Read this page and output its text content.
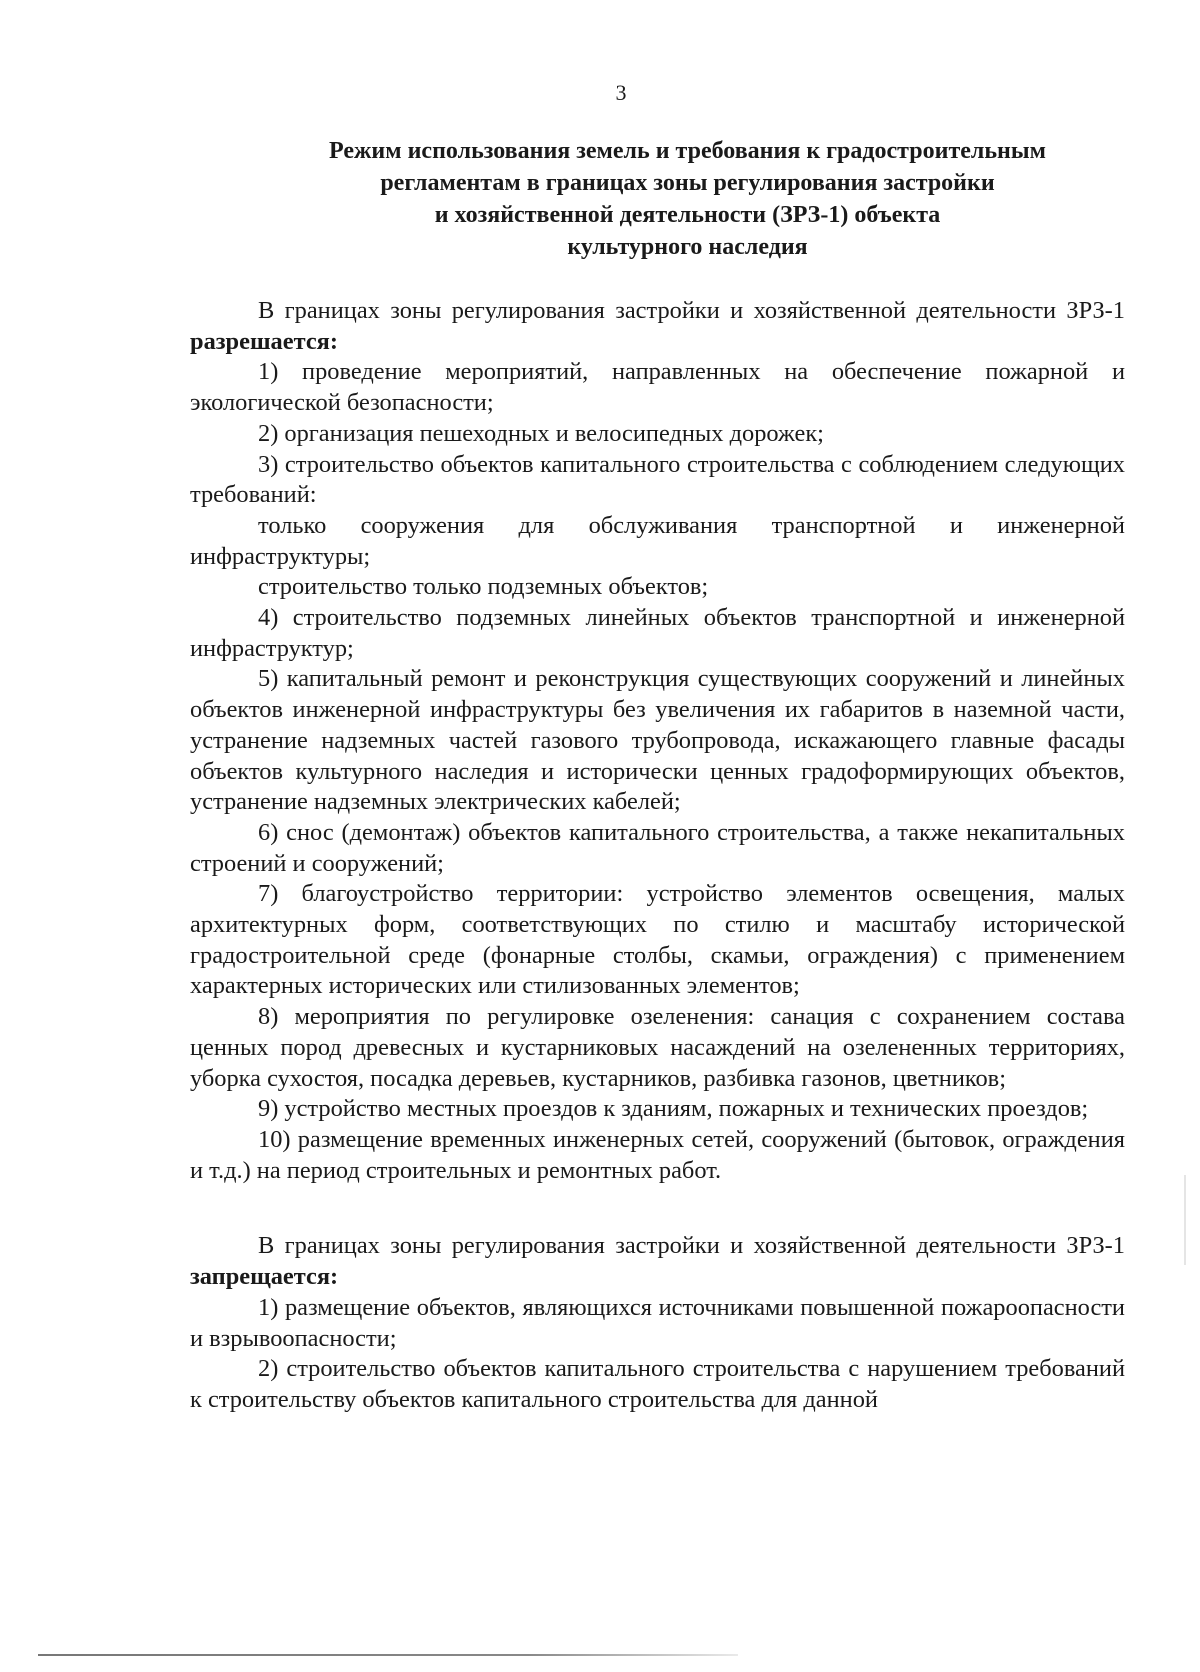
3
Режим использования земель и требования к градостроительным
регламентам в границах зоны регулирования застройки
и хозяйственной деятельности (ЗРЗ-1) объекта
культурного наследия

В границах зоны регулирования застройки и хозяйственной деятельности ЗРЗ-1 разрешается:

1) проведение мероприятий, направленных на обеспечение пожарной и экологической безопасности;

2) организация пешеходных и велосипедных дорожек;

3) строительство объектов капитального строительства с соблюдением следующих требований:

только сооружения для обслуживания транспортной и инженерной инфраструктуры;

строительство только подземных объектов;

4) строительство подземных линейных объектов транспортной и инженерной инфраструктур;

5) капитальный ремонт и реконструкция существующих сооружений и линейных объектов инженерной инфраструктуры без увеличения их габаритов в наземной части, устранение надземных частей газового трубопровода, искажающего главные фасады объектов культурного наследия и исторически ценных градоформирующих объектов, устранение надземных электрических кабелей;

6) снос (демонтаж) объектов капитального строительства, а также некапитальных строений и сооружений;

7) благоустройство территории: устройство элементов освещения, малых архитектурных форм, соответствующих по стилю и масштабу исторической градостроительной среде (фонарные столбы, скамьи, ограждения) с применением характерных исторических или стилизованных элементов;

8) мероприятия по регулировке озеленения: санация с сохранением состава ценных пород древесных и кустарниковых насаждений на озелененных территориях, уборка сухостоя, посадка деревьев, кустарников, разбивка газонов, цветников;

9) устройство местных проездов к зданиям, пожарных и технических проездов;

10) размещение временных инженерных сетей, сооружений (бытовок, ограждения и т.д.) на период строительных и ремонтных работ.

В границах зоны регулирования застройки и хозяйственной деятельности ЗРЗ-1 запрещается:

1) размещение объектов, являющихся источниками повышенной пожароопасности и взрывоопасности;

2) строительство объектов капитального строительства с нарушением требований к строительству объектов капитального строительства для данной
